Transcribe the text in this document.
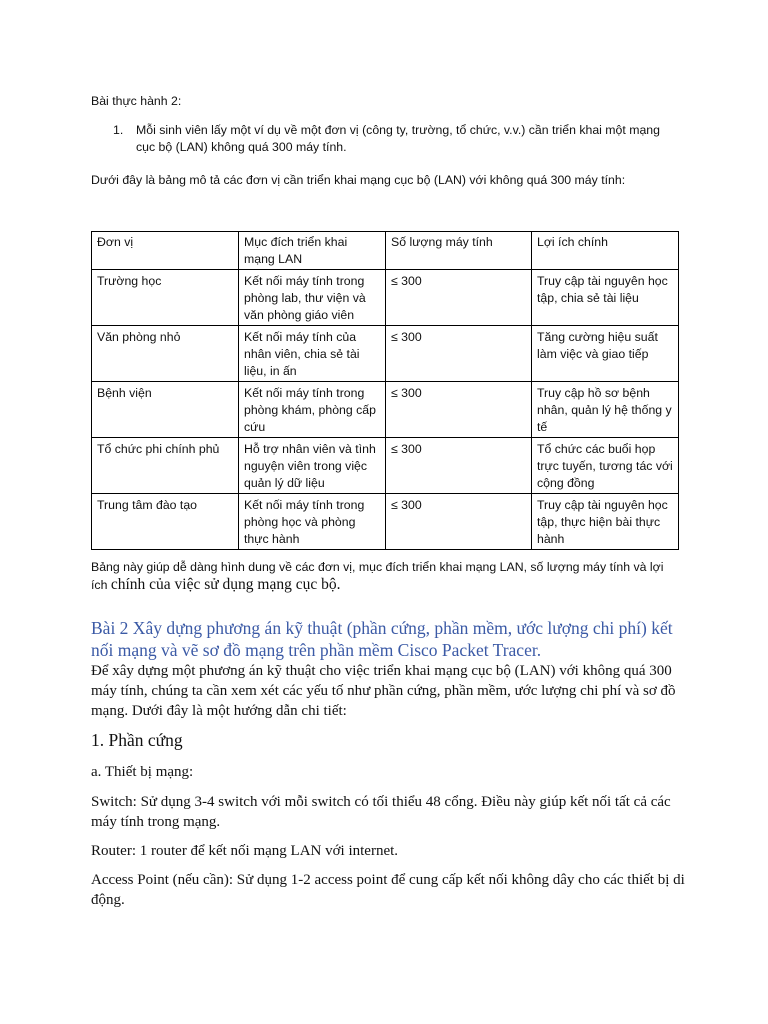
Bài thực hành 2:
1. Mỗi sinh viên lấy một ví dụ về một đơn vị (công ty, trường, tổ chức, v.v.) cần triển khai một mạng cục bộ (LAN) không quá 300 máy tính.
Dưới đây là bảng mô tả các đơn vị cần triển khai mạng cục bộ (LAN) với không quá 300 máy tính:
Đơn vị	Mục đích triển khai mạng LAN	Số lượng máy tính	Lợi ích chính
Trường học	Kết nối máy tính trong phòng lab, thư viện và văn phòng giáo viên	≤ 300	Truy cập tài nguyên học tập, chia sẻ tài liệu
Văn phòng nhỏ	Kết nối máy tính của nhân viên, chia sẻ tài liệu, in ấn	≤ 300	Tăng cường hiệu suất làm việc và giao tiếp
Bệnh viện	Kết nối máy tính trong phòng khám, phòng cấp cứu	≤ 300	Truy cập hồ sơ bệnh nhân, quản lý hệ thống y tế
Tổ chức phi chính phủ	Hỗ trợ nhân viên và tình nguyện viên trong việc quản lý dữ liệu	≤ 300	Tổ chức các buổi họp trực tuyến, tương tác với cộng đồng
Trung tâm đào tạo	Kết nối máy tính trong phòng học và phòng thực hành	≤ 300	Truy cập tài nguyên học tập, thực hiện bài thực hành
Bảng này giúp dễ dàng hình dung về các đơn vị, mục đích triển khai mạng LAN, số lượng máy tính và lợi ích chính của việc sử dụng mạng cục bộ.
Bài 2 Xây dựng phương án kỹ thuật (phần cứng, phần mềm, ước lượng chi phí) kết nối mạng và vẽ sơ đồ mạng trên phần mềm Cisco Packet Tracer.
Để xây dựng một phương án kỹ thuật cho việc triển khai mạng cục bộ (LAN) với không quá 300 máy tính, chúng ta cần xem xét các yếu tố như phần cứng, phần mềm, ước lượng chi phí và sơ đồ mạng. Dưới đây là một hướng dẫn chi tiết:
1. Phần cứng
a. Thiết bị mạng:
Switch: Sử dụng 3-4 switch với mỗi switch có tối thiểu 48 cổng. Điều này giúp kết nối tất cả các máy tính trong mạng.
Router: 1 router để kết nối mạng LAN với internet.
Access Point (nếu cần): Sử dụng 1-2 access point để cung cấp kết nối không dây cho các thiết bị di động.
